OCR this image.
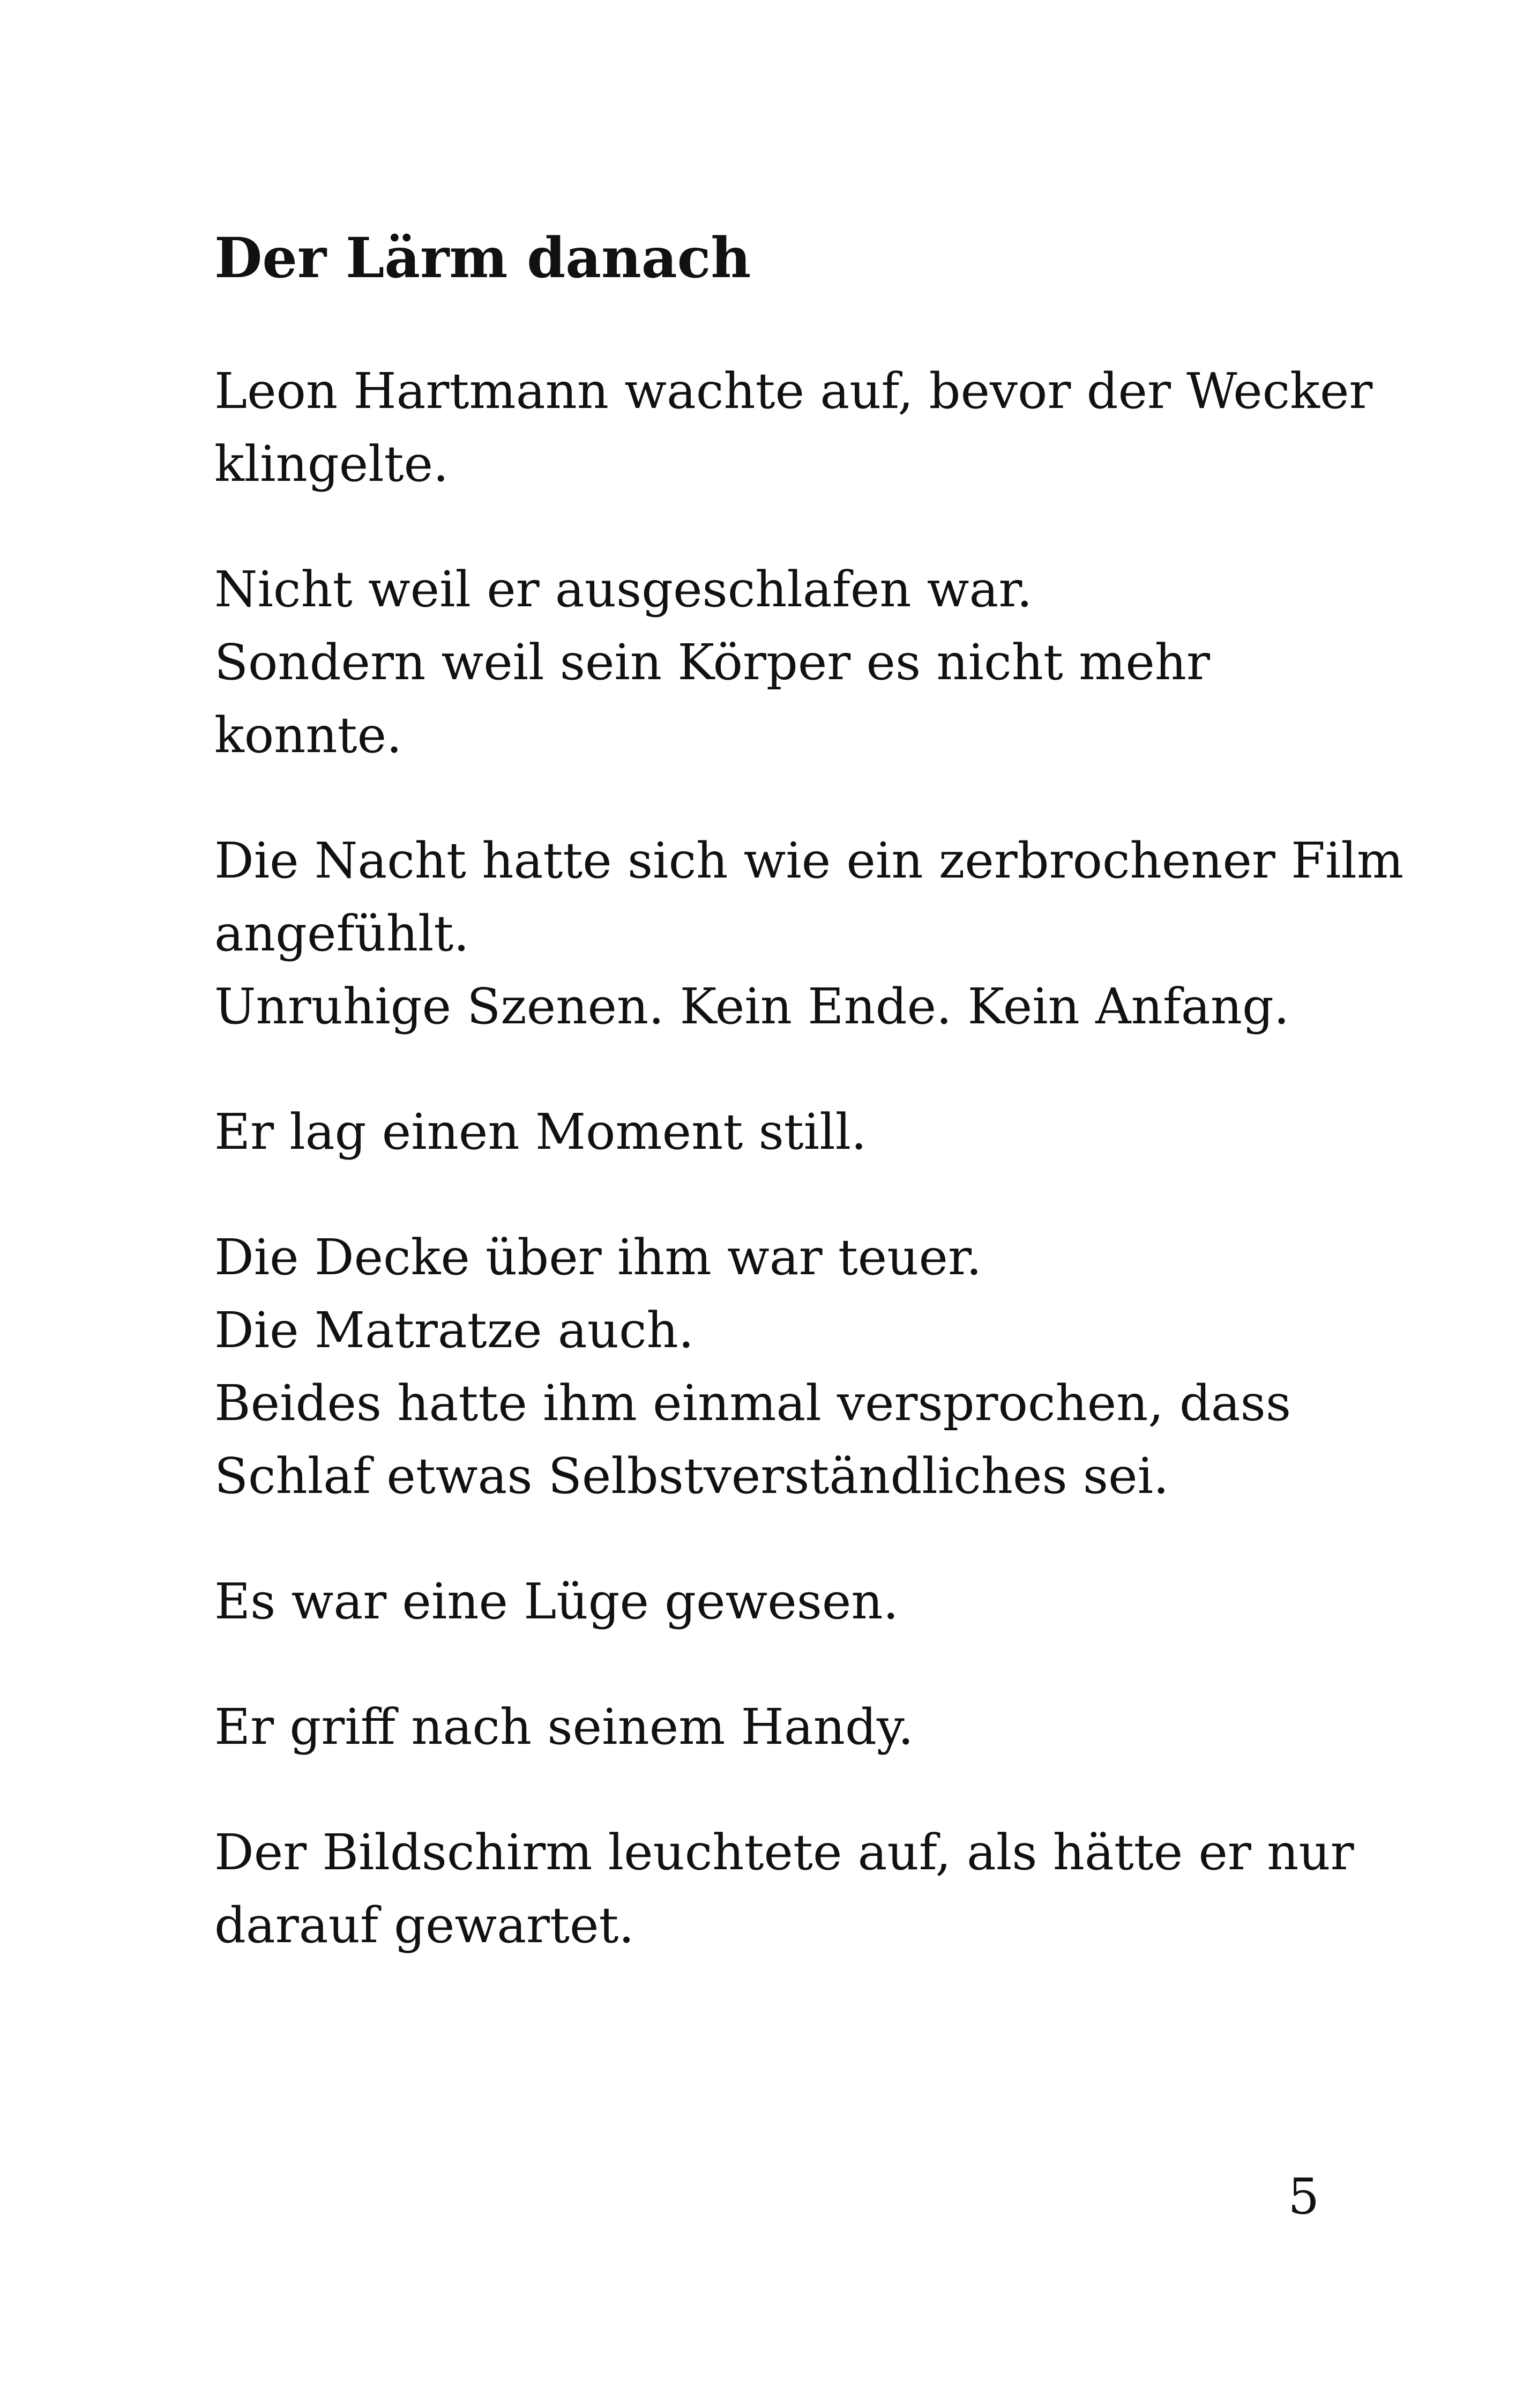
Der Lärm danach

Leon Hartmann wachte auf, bevor der Wecker
klingelte.

Nicht weil er ausgeschlafen war.
Sondern weil sein Körper es nicht mehr
konnte.

Die Nacht hatte sich wie ein zerbrochener Film
angefühlt.
Unruhige Szenen. Kein Ende. Kein Anfang.

Er lag einen Moment still.

Die Decke über ihm war teuer.
Die Matratze auch.
Beides hatte ihm einmal versprochen, dass
Schlaf etwas Selbstverständliches sei.

Es war eine Lüge gewesen.

Er griff nach seinem Handy.

Der Bildschirm leuchtete auf, als hätte er nur
darauf gewartet.

5
